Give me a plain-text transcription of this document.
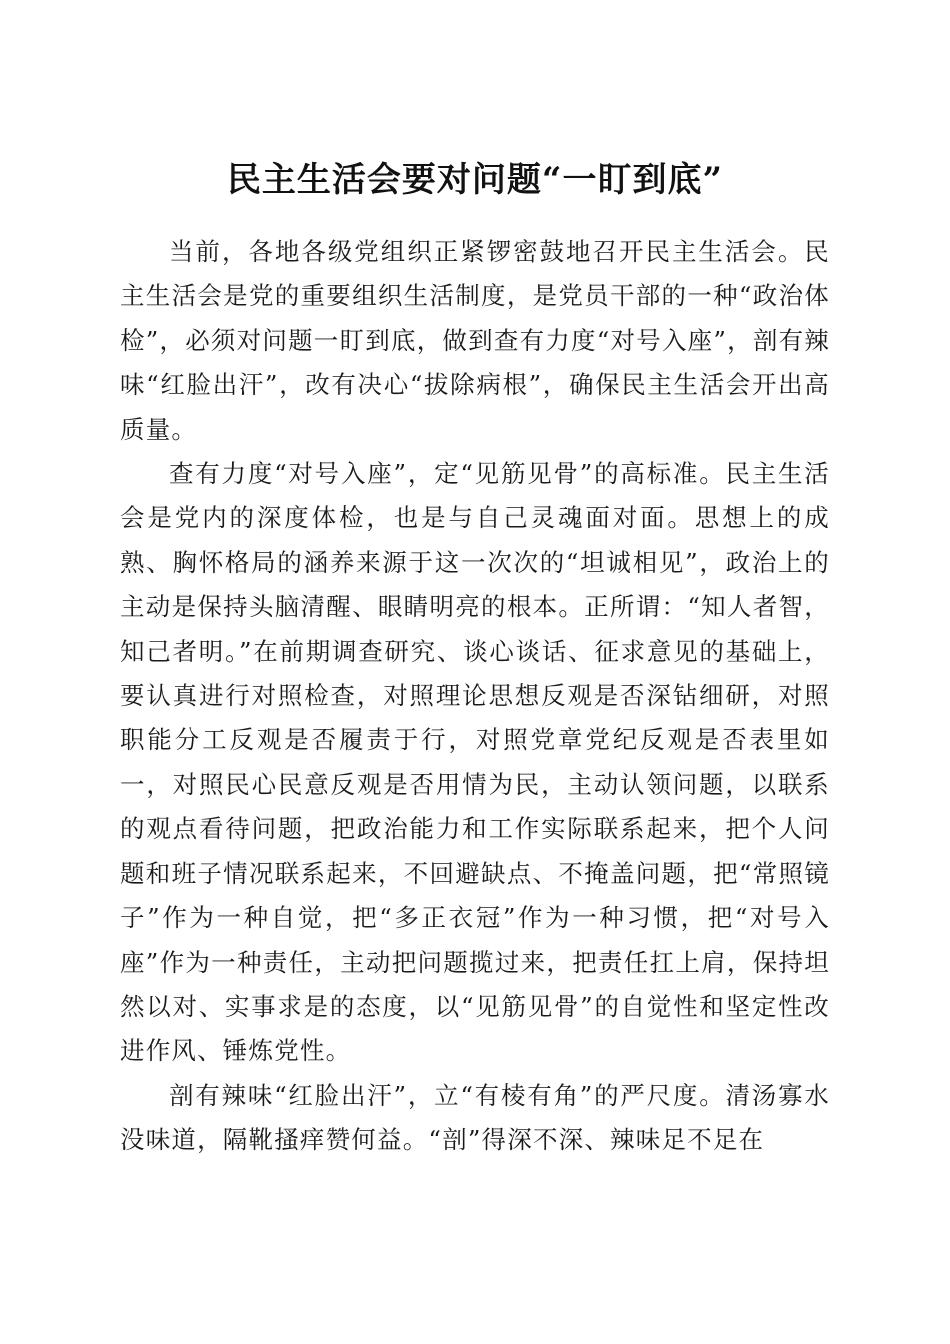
民主生活会要对问题“一盯到底”

当前，各地各级党组织正紧锣密鼓地召开民主生活会。民主生活会是党的重要组织生活制度，是党员干部的一种“政治体检”，必须对问题一盯到底，做到查有力度“对号入座”，剖有辣味“红脸出汗”，改有决心“拔除病根”，确保民主生活会开出高质量。

查有力度“对号入座”，定“见筋见骨”的高标准。民主生活会是党内的深度体检，也是与自己灵魂面对面。思想上的成熟、胸怀格局的涵养来源于这一次次的“坦诚相见”，政治上的主动是保持头脑清醒、眼睛明亮的根本。正所谓：“知人者智，知己者明。”在前期调查研究、谈心谈话、征求意见的基础上，要认真进行对照检查，对照理论思想反观是否深钻细研，对照职能分工反观是否履责于行，对照党章党纪反观是否表里如一，对照民心民意反观是否用情为民，主动认领问题，以联系的观点看待问题，把政治能力和工作实际联系起来，把个人问题和班子情况联系起来，不回避缺点、不掩盖问题，把“常照镜子”作为一种自觉，把“多正衣冠”作为一种习惯，把“对号入座”作为一种责任，主动把问题揽过来，把责任扛上肩，保持坦然以对、实事求是的态度，以“见筋见骨”的自觉性和坚定性改进作风、锤炼党性。

剖有辣味“红脸出汗”，立“有棱有角”的严尺度。清汤寡水没味道，隔靴搔痒赞何益。“剖”得深不深、辣味足不足在
